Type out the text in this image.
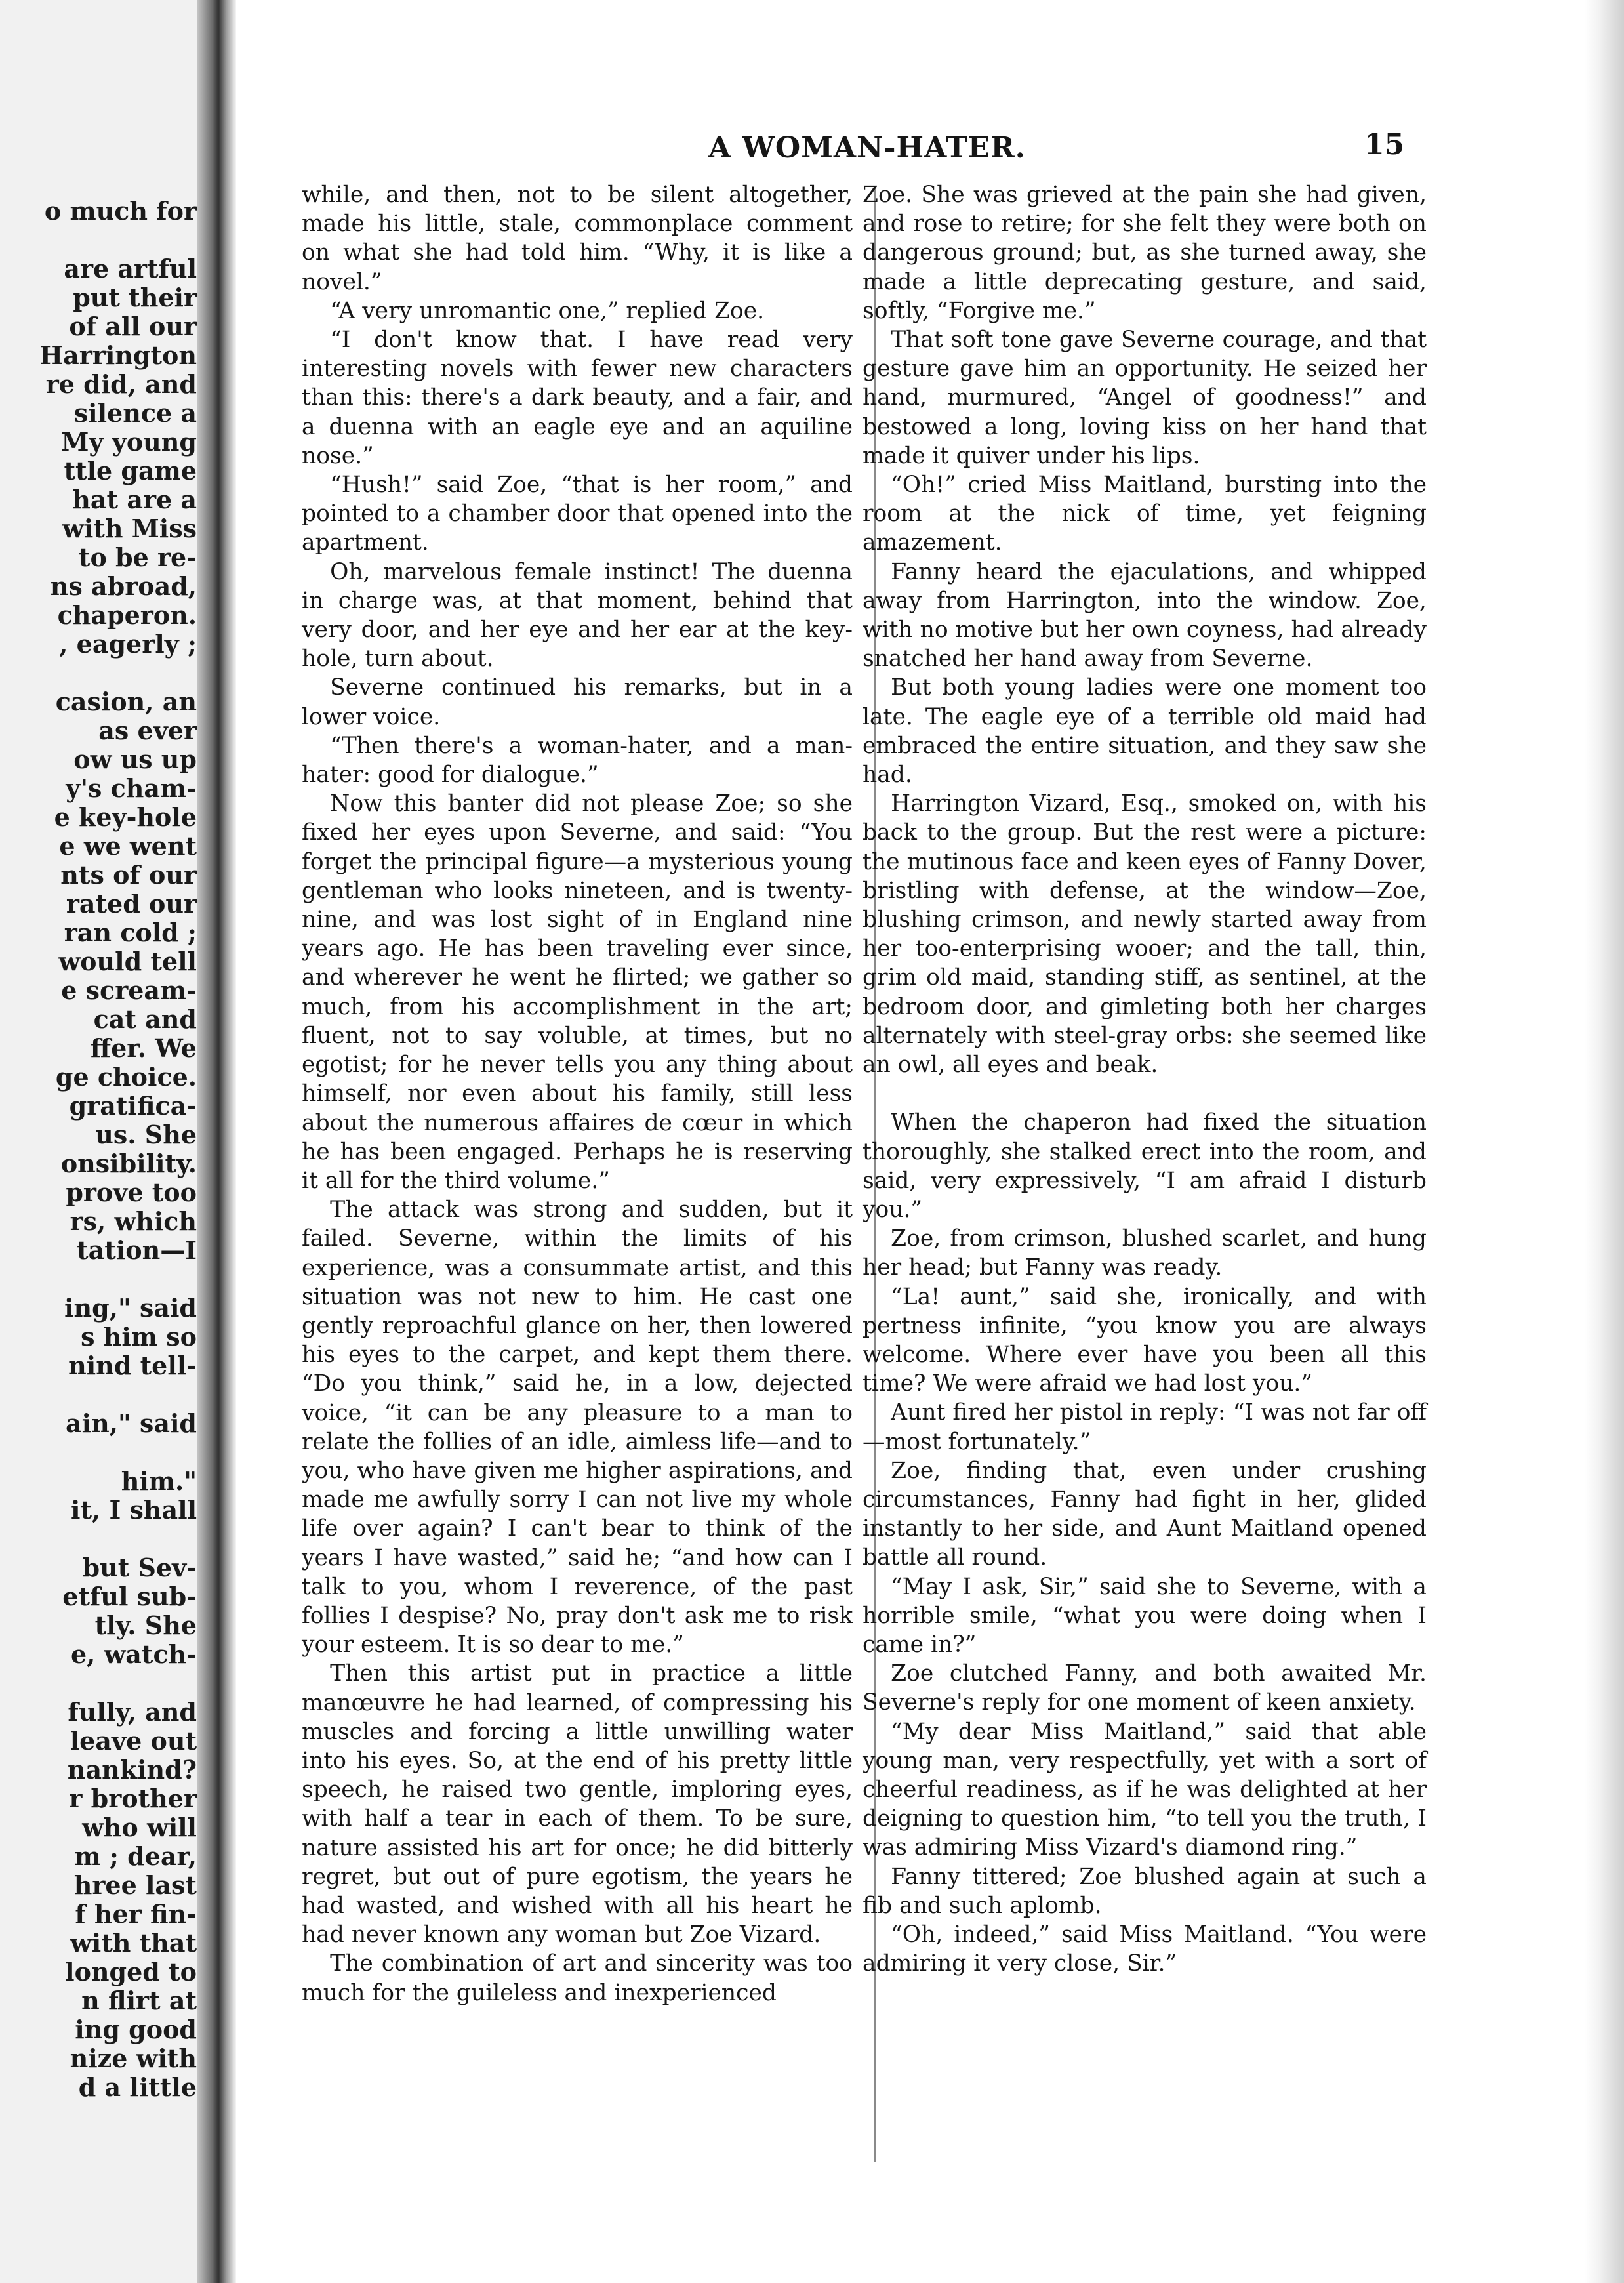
o much for
are artful
put their
of all our
Harrington
re did, and
silence a
My young
ttle game
hat are a
with Miss
to be re-
ns abroad,
chaperon.
, eagerly ;
casion, an
as ever
ow us up
y's cham-
e key-hole
e we went
nts of our
rated our
ran cold ;
would tell
e scream-
cat and
ffer. We
ge choice.
gratifica-
us. She
onsibility.
prove too
rs, which
tation—I
ing," said
s him so
nind tell-
ain," said
him."
it, I shall
but Sev-
etful sub-
tly. She
e, watch-
fully, and
leave out
nankind?
r brother
who will
m ; dear,
hree last
f her fin-
with that
longed to
n flirt at
ing good
nize with
d a little
A WOMAN-HATER.	15

while, and then, not to be silent altogether, made his little, stale, commonplace comment on what she had told him. “Why, it is like a novel.”

“A very unromantic one,” replied Zoe.

“I don't know that. I have read very interesting novels with fewer new characters than this: there's a dark beauty, and a fair, and a duenna with an eagle eye and an aquiline nose.”

“Hush!” said Zoe, “that is her room,” and pointed to a chamber door that opened into the apartment.

Oh, marvelous female instinct! The duenna in charge was, at that moment, behind that very door, and her eye and her ear at the key-hole, turn about.

Severne continued his remarks, but in a lower voice.

“Then there's a woman-hater, and a man-hater: good for dialogue.”

Now this banter did not please Zoe; so she fixed her eyes upon Severne, and said: “You forget the principal figure—a mysterious young gentleman who looks nineteen, and is twenty-nine, and was lost sight of in England nine years ago. He has been traveling ever since, and wherever he went he flirted; we gather so much, from his accomplishment in the art; fluent, not to say voluble, at times, but no egotist; for he never tells you any thing about himself, nor even about his family, still less about the numerous affaires de cœur in which he has been engaged. Perhaps he is reserving it all for the third volume.”

The attack was strong and sudden, but it failed. Severne, within the limits of his experience, was a consummate artist, and this situation was not new to him. He cast one gently reproachful glance on her, then lowered his eyes to the carpet, and kept them there. “Do you think,” said he, in a low, dejected voice, “it can be any pleasure to a man to relate the follies of an idle, aimless life—and to you, who have given me higher aspirations, and made me awfully sorry I can not live my whole life over again? I can't bear to think of the years I have wasted,” said he; “and how can I talk to you, whom I reverence, of the past follies I despise? No, pray don't ask me to risk your esteem. It is so dear to me.”

Then this artist put in practice a little manœuvre he had learned, of compressing his muscles and forcing a little unwilling water into his eyes. So, at the end of his pretty little speech, he raised two gentle, imploring eyes, with half a tear in each of them. To be sure, nature assisted his art for once; he did bitterly regret, but out of pure egotism, the years he had wasted, and wished with all his heart he had never known any woman but Zoe Vizard.

The combination of art and sincerity was too much for the guileless and inexperienced

Zoe. She was grieved at the pain she had given, and rose to retire; for she felt they were both on dangerous ground; but, as she turned away, she made a little deprecating gesture, and said, softly, “Forgive me.”

That soft tone gave Severne courage, and that gesture gave him an opportunity. He seized her hand, murmured, “Angel of goodness!” and bestowed a long, loving kiss on her hand that made it quiver under his lips.

“Oh!” cried Miss Maitland, bursting into the room at the nick of time, yet feigning amazement.

Fanny heard the ejaculations, and whipped away from Harrington, into the window. Zoe, with no motive but her own coyness, had already snatched her hand away from Severne.

But both young ladies were one moment too late. The eagle eye of a terrible old maid had embraced the entire situation, and they saw she had.

Harrington Vizard, Esq., smoked on, with his back to the group. But the rest were a picture: the mutinous face and keen eyes of Fanny Dover, bristling with defense, at the window—Zoe, blushing crimson, and newly started away from her too-enterprising wooer; and the tall, thin, grim old maid, standing stiff, as sentinel, at the bedroom door, and gimleting both her charges alternately with steel-gray orbs: she seemed like an owl, all eyes and beak.

When the chaperon had fixed the situation thoroughly, she stalked erect into the room, and said, very expressively, “I am afraid I disturb you.”

Zoe, from crimson, blushed scarlet, and hung her head; but Fanny was ready.

“La! aunt,” said she, ironically, and with pertness infinite, “you know you are always welcome. Where ever have you been all this time? We were afraid we had lost you.”

Aunt fired her pistol in reply: “I was not far off—most fortunately.”

Zoe, finding that, even under crushing circumstances, Fanny had fight in her, glided instantly to her side, and Aunt Maitland opened battle all round.

“May I ask, Sir,” said she to Severne, with a horrible smile, “what you were doing when I came in?”

Zoe clutched Fanny, and both awaited Mr. Severne's reply for one moment of keen anxiety.

“My dear Miss Maitland,” said that able young man, very respectfully, yet with a sort of cheerful readiness, as if he was delighted at her deigning to question him, “to tell you the truth, I was admiring Miss Vizard's diamond ring.”

Fanny tittered; Zoe blushed again at such a fib and such aplomb.

“Oh, indeed,” said Miss Maitland. “You were admiring it very close, Sir.”
